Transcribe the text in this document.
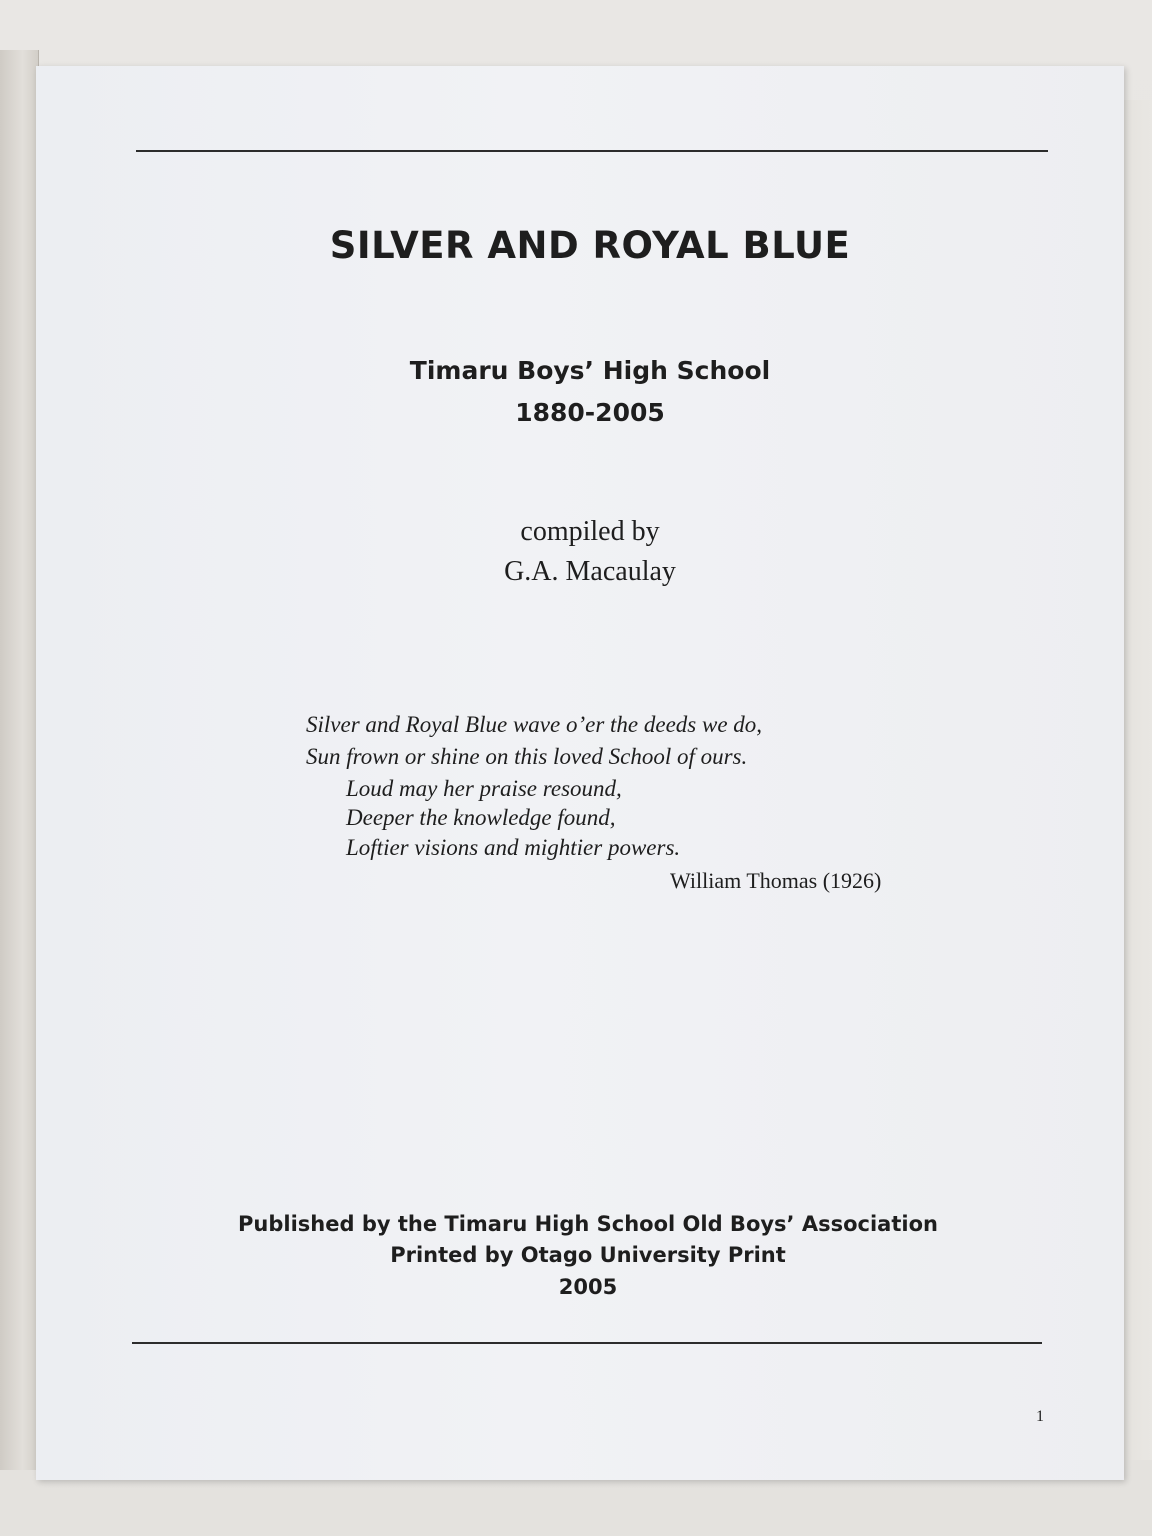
SILVER AND ROYAL BLUE
Timaru Boys’ High School
1880-2005
compiled by
G.A. Macaulay
Silver and Royal Blue wave o’er the deeds we do,
Sun frown or shine on this loved School of ours.
Loud may her praise resound,
Deeper the knowledge found,
Loftier visions and mightier powers.
William Thomas (1926)
Published by the Timaru High School Old Boys’ Association
Printed by Otago University Print
2005
1
